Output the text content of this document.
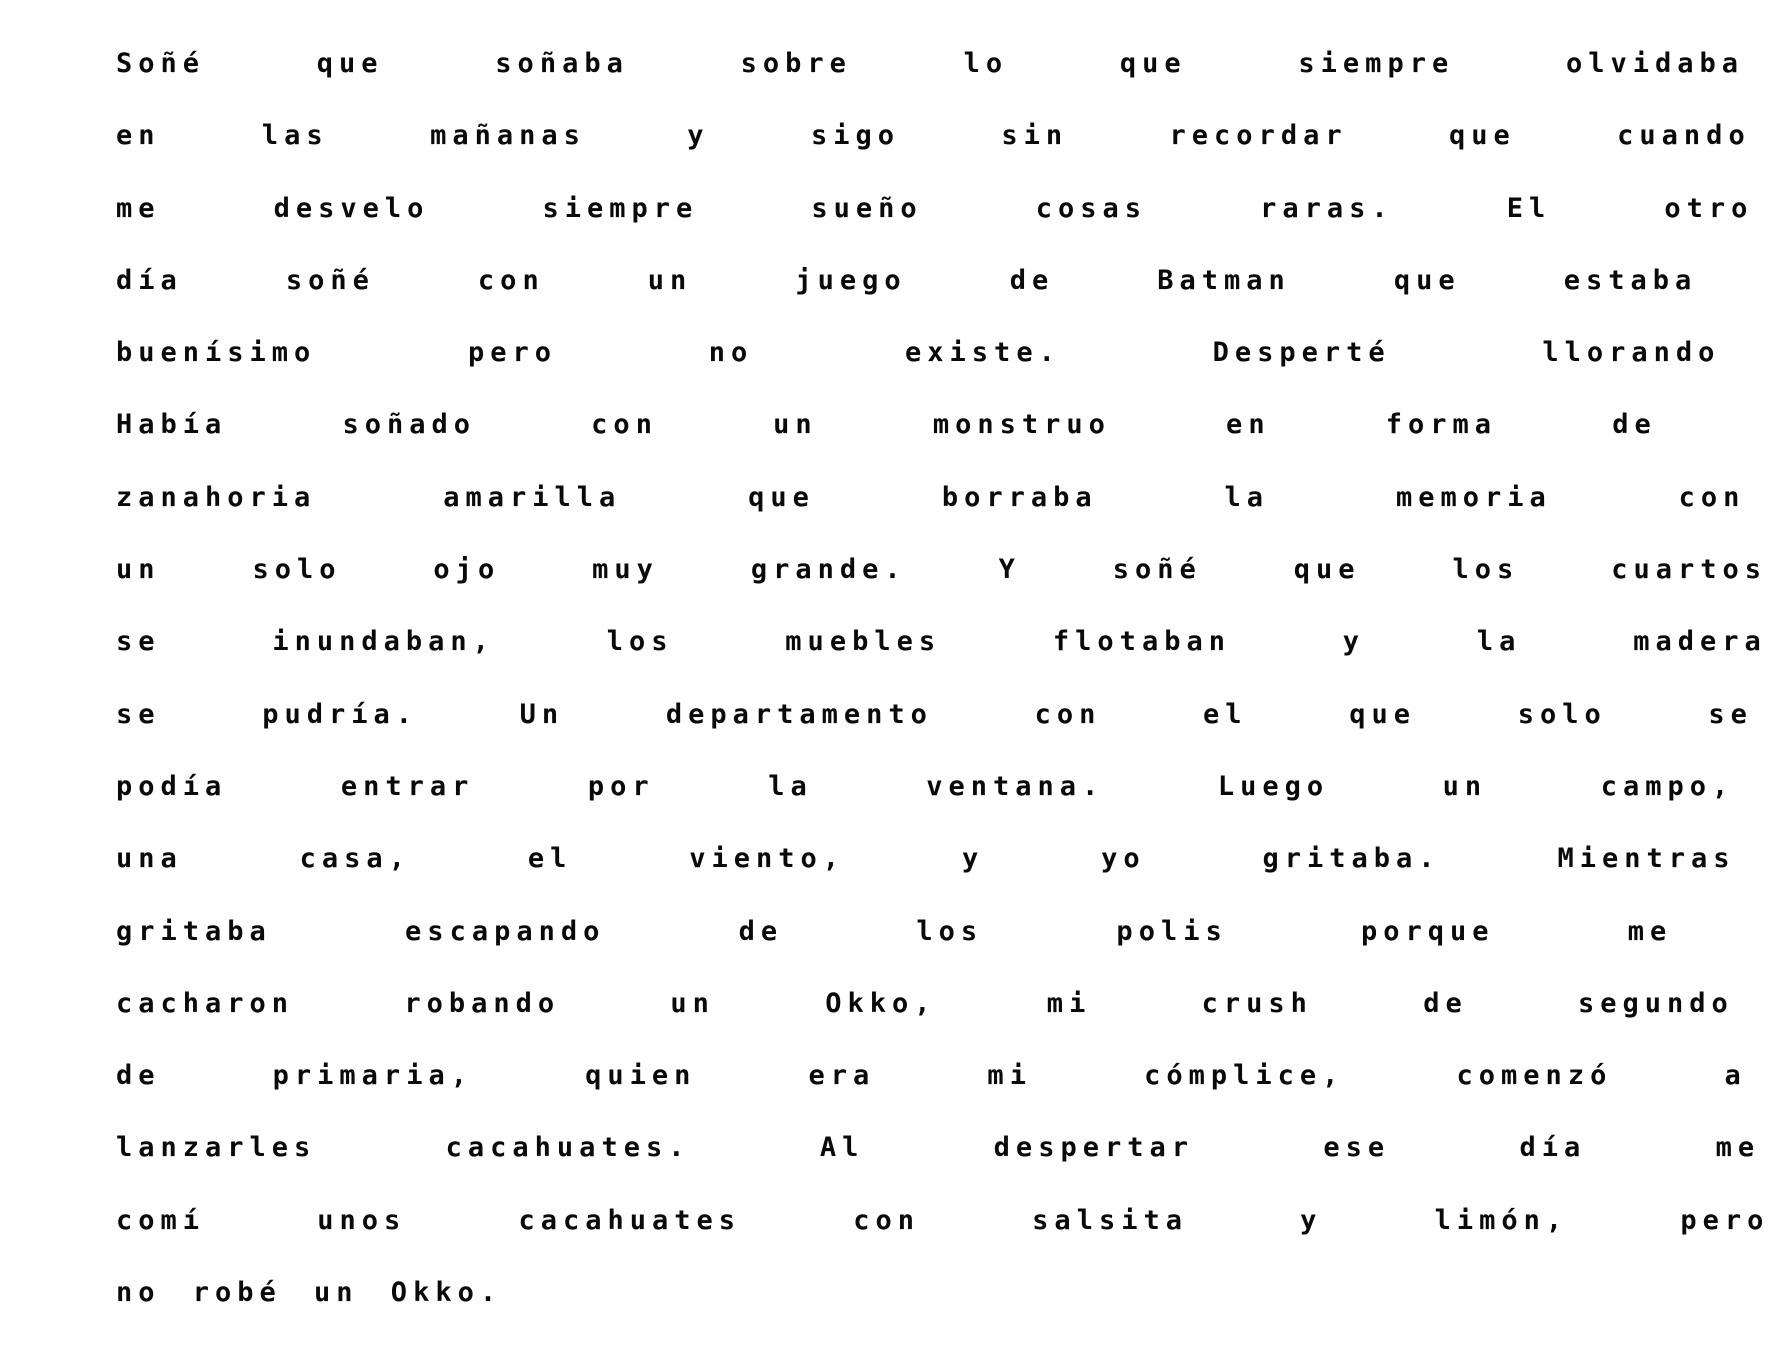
Soñé que soñaba sobre lo que siempre olvidaba
en las mañanas y sigo sin recordar que cuando
me desvelo siempre sueño cosas raras. El otro
día soñé con un juego de Batman que estaba
buenísimo pero no existe. Desperté llorando
Había soñado con un monstruo en forma de
zanahoria amarilla que borraba la memoria con
un solo ojo muy grande. Y soñé que los cuartos
se inundaban, los muebles flotaban y la madera
se pudría. Un departamento con el que solo se
podía entrar por la ventana. Luego un campo,
una casa, el viento, y yo gritaba. Mientras
gritaba escapando de los polis porque me
cacharon robando un Okko, mi crush de segundo
de primaria, quien era mi cómplice, comenzó a
lanzarles cacahuates. Al despertar ese día me
comí unos cacahuates con salsita y limón, pero
no robé un Okko.
